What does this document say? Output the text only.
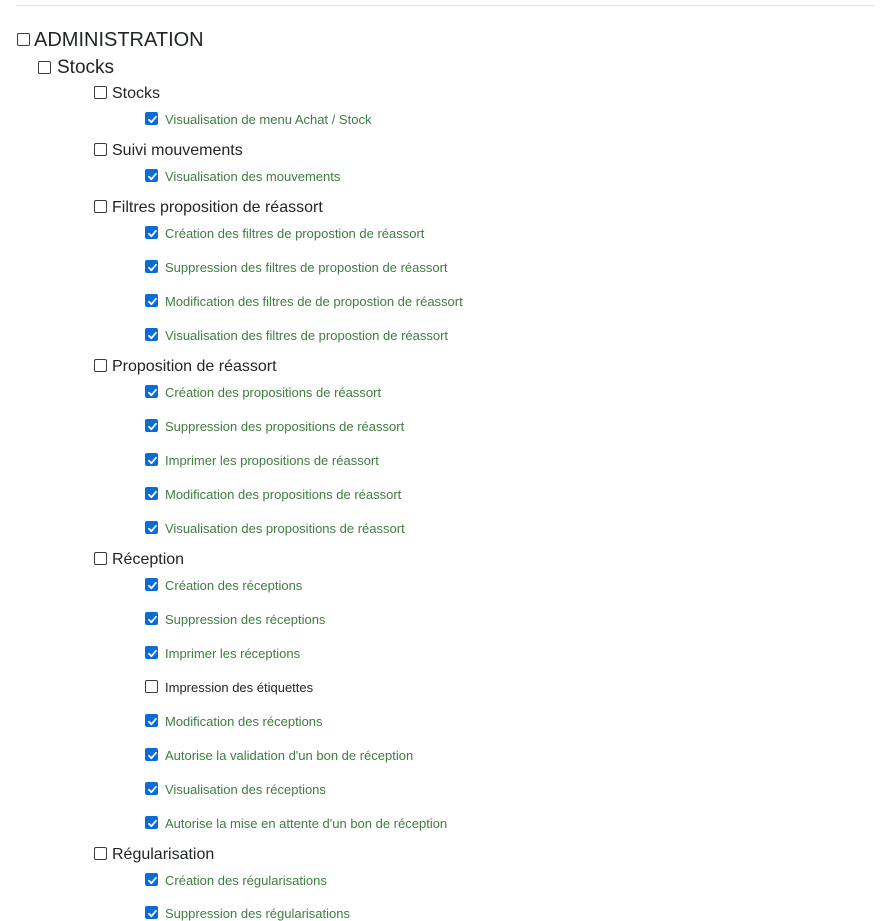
ADMINISTRATION
Stocks
Stocks
Visualisation de menu Achat / Stock
Suivi mouvements
Visualisation des mouvements
Filtres proposition de réassort
Création des filtres de propostion de réassort
Suppression des filtres de propostion de réassort
Modification des filtres de de propostion de réassort
Visualisation des filtres de propostion de réassort
Proposition de réassort
Création des propositions de réassort
Suppression des propositions de réassort
Imprimer les propositions de réassort
Modification des propositions de réassort
Visualisation des propositions de réassort
Réception
Création des réceptions
Suppression des réceptions
Imprimer les réceptions
Impression des étiquettes
Modification des réceptions
Autorise la validation d'un bon de réception
Visualisation des réceptions
Autorise la mise en attente d'un bon de réception
Régularisation
Création des régularisations
Suppression des régularisations
